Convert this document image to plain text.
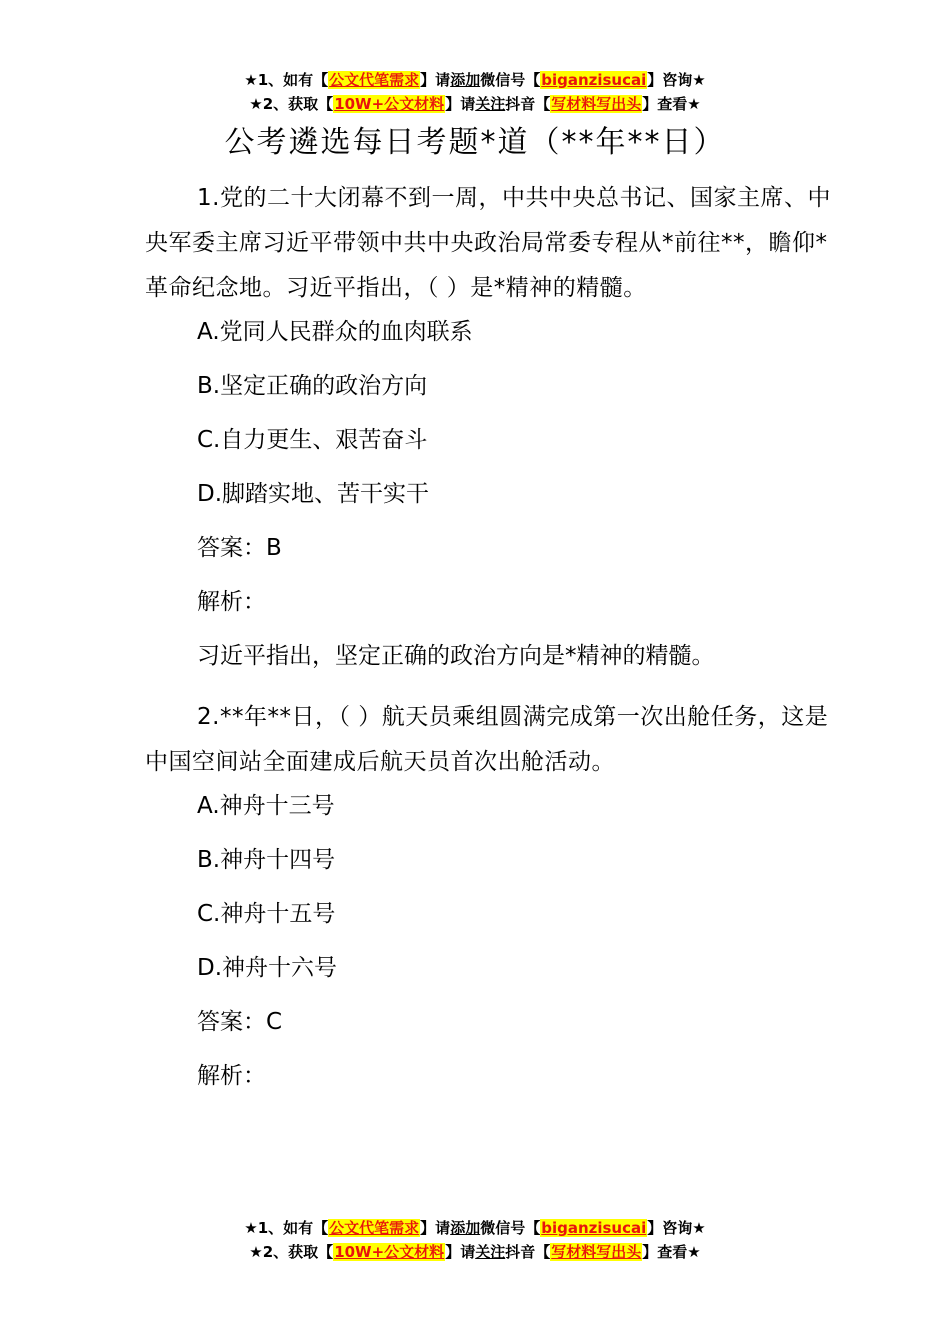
★1、如有【公文代笔需求】请添加微信号【biganzisucai】咨询★
★2、获取【10W+公文材料】请关注抖音【写材料写出头】查看★
公考遴选每日考题*道（**年**日）

1.党的二十大闭幕不到一周，中共中央总书记、国家主席、中央军委主席习近平带领中共中央政治局常委专程从*前往**，瞻仰*革命纪念地。习近平指出，（ ）是*精神的精髓。

A.党同人民群众的血肉联系

B.坚定正确的政治方向

C.自力更生、艰苦奋斗

D.脚踏实地、苦干实干

答案：B

解析：

习近平指出，坚定正确的政治方向是*精神的精髓。

2.**年**日，（ ）航天员乘组圆满完成第一次出舱任务，这是中国空间站全面建成后航天员首次出舱活动。

A.神舟十三号

B.神舟十四号

C.神舟十五号

D.神舟十六号

答案：C

解析：

★1、如有【公文代笔需求】请添加微信号【biganzisucai】咨询★
★2、获取【10W+公文材料】请关注抖音【写材料写出头】查看★
